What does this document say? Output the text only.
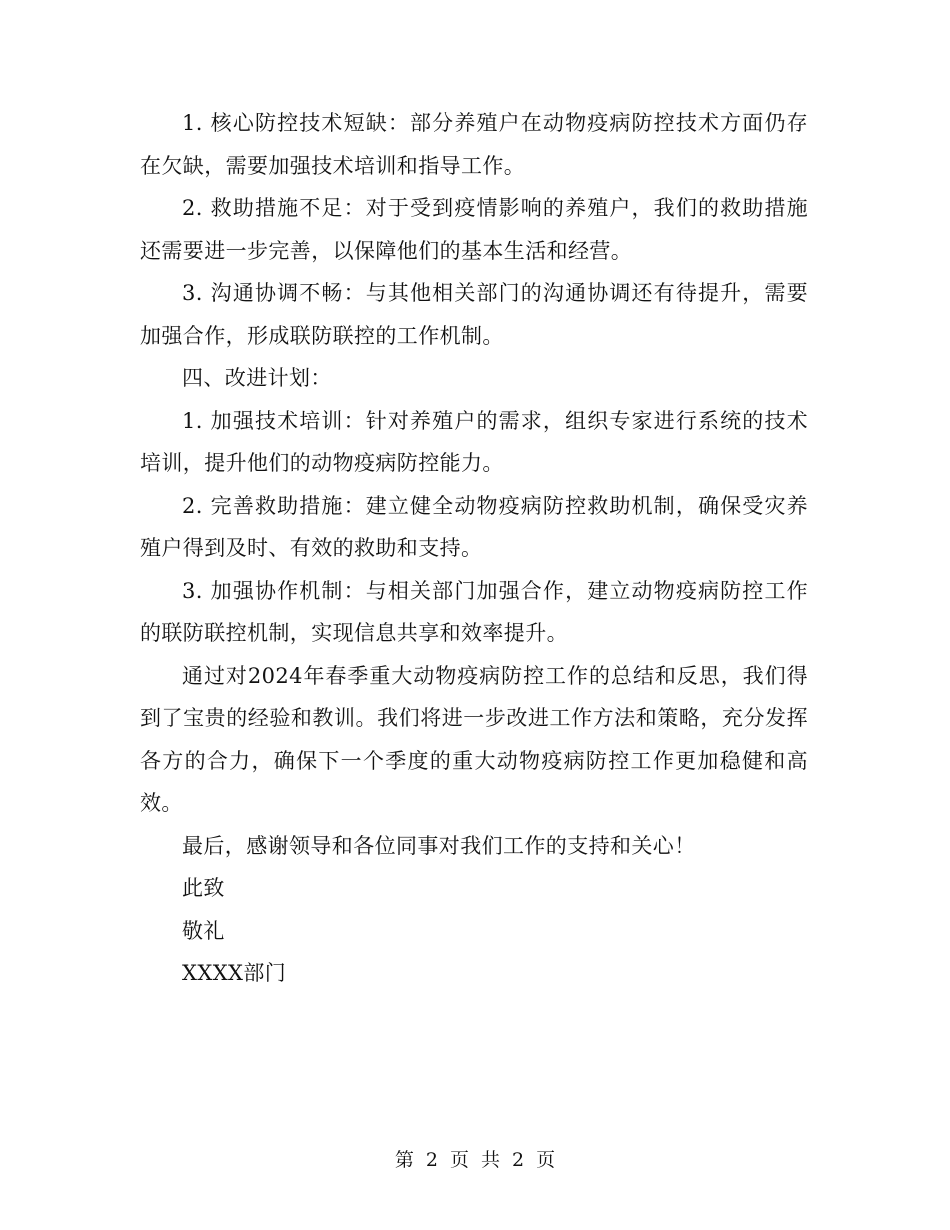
1. 核心防控技术短缺：部分养殖户在动物疫病防控技术方面仍存在欠缺，需要加强技术培训和指导工作。

2. 救助措施不足：对于受到疫情影响的养殖户，我们的救助措施还需要进一步完善，以保障他们的基本生活和经营。

3. 沟通协调不畅：与其他相关部门的沟通协调还有待提升，需要加强合作，形成联防联控的工作机制。

四、改进计划：

1. 加强技术培训：针对养殖户的需求，组织专家进行系统的技术培训，提升他们的动物疫病防控能力。

2. 完善救助措施：建立健全动物疫病防控救助机制，确保受灾养殖户得到及时、有效的救助和支持。

3. 加强协作机制：与相关部门加强合作，建立动物疫病防控工作的联防联控机制，实现信息共享和效率提升。

通过对2024年春季重大动物疫病防控工作的总结和反思，我们得到了宝贵的经验和教训。我们将进一步改进工作方法和策略，充分发挥各方的合力，确保下一个季度的重大动物疫病防控工作更加稳健和高效。

最后，感谢领导和各位同事对我们工作的支持和关心！

此致

敬礼

XXXX部门

第 2 页 共 2 页
